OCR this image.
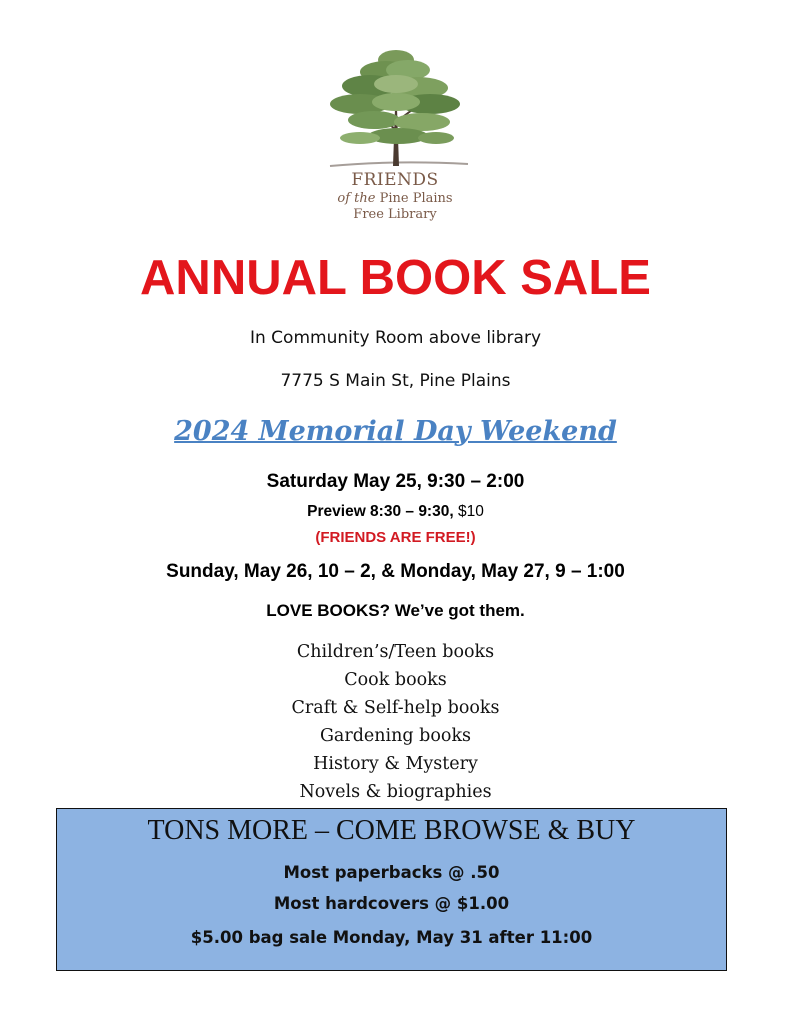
FRIENDS
of the Pine Plains
Free Library
ANNUAL BOOK SALE
In Community Room above library
7775 S Main St, Pine Plains
2024 Memorial Day Weekend
Saturday May 25, 9:30 – 2:00
Preview 8:30 – 9:30, $10
(FRIENDS ARE FREE!)
Sunday, May 26, 10 – 2, & Monday, May 27, 9 – 1:00
LOVE BOOKS? We’ve got them.
Children’s/Teen books
Cook books
Craft & Self-help books
Gardening books
History & Mystery
Novels & biographies
TONS MORE – COME BROWSE & BUY
Most paperbacks @ .50
Most hardcovers @ $1.00
$5.00 bag sale Monday, May 31 after 11:00
